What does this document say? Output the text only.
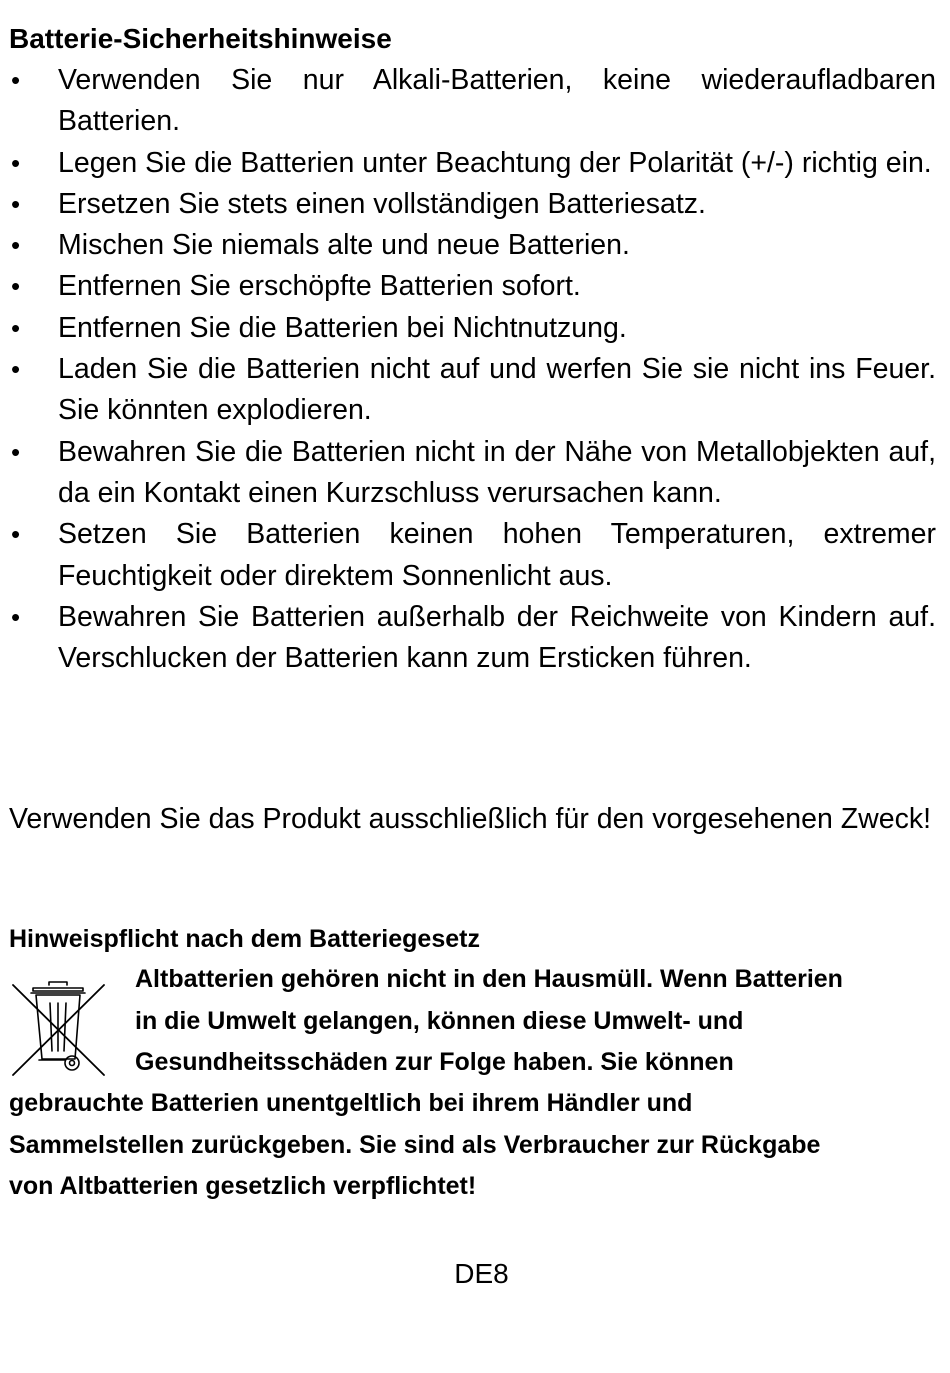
Batterie-Sicherheitshinweise
•	Verwenden Sie nur Alkali-Batterien, keine wiederaufladbaren Batterien.
•	Legen Sie die Batterien unter Beachtung der Polarität (+/-) richtig ein.
•	Ersetzen Sie stets einen vollständigen Batteriesatz.
•	Mischen Sie niemals alte und neue Batterien.
•	Entfernen Sie erschöpfte Batterien sofort.
•	Entfernen Sie die Batterien bei Nichtnutzung.
•	Laden Sie die Batterien nicht auf und werfen Sie sie nicht ins Feuer. Sie könnten explodieren.
•	Bewahren Sie die Batterien nicht in der Nähe von Metallobjekten auf, da ein Kontakt einen Kurzschluss verursachen kann.
•	Setzen Sie Batterien keinen hohen Temperaturen, extremer Feuchtigkeit oder direktem Sonnenlicht aus.
•	Bewahren Sie Batterien außerhalb der Reichweite von Kindern auf. Verschlucken der Batterien kann zum Ersticken führen.
Verwenden Sie das Produkt ausschließlich für den vorgesehenen Zweck!
Hinweispflicht nach dem Batteriegesetz
Altbatterien gehören nicht in den Hausmüll. Wenn Batterien
in die Umwelt gelangen, können diese Umwelt- und
Gesundheitsschäden zur Folge haben. Sie können
gebrauchte Batterien unentgeltlich bei ihrem Händler und
Sammelstellen zurückgeben. Sie sind als Verbraucher zur Rückgabe
von Altbatterien gesetzlich verpflichtet!
DE8
